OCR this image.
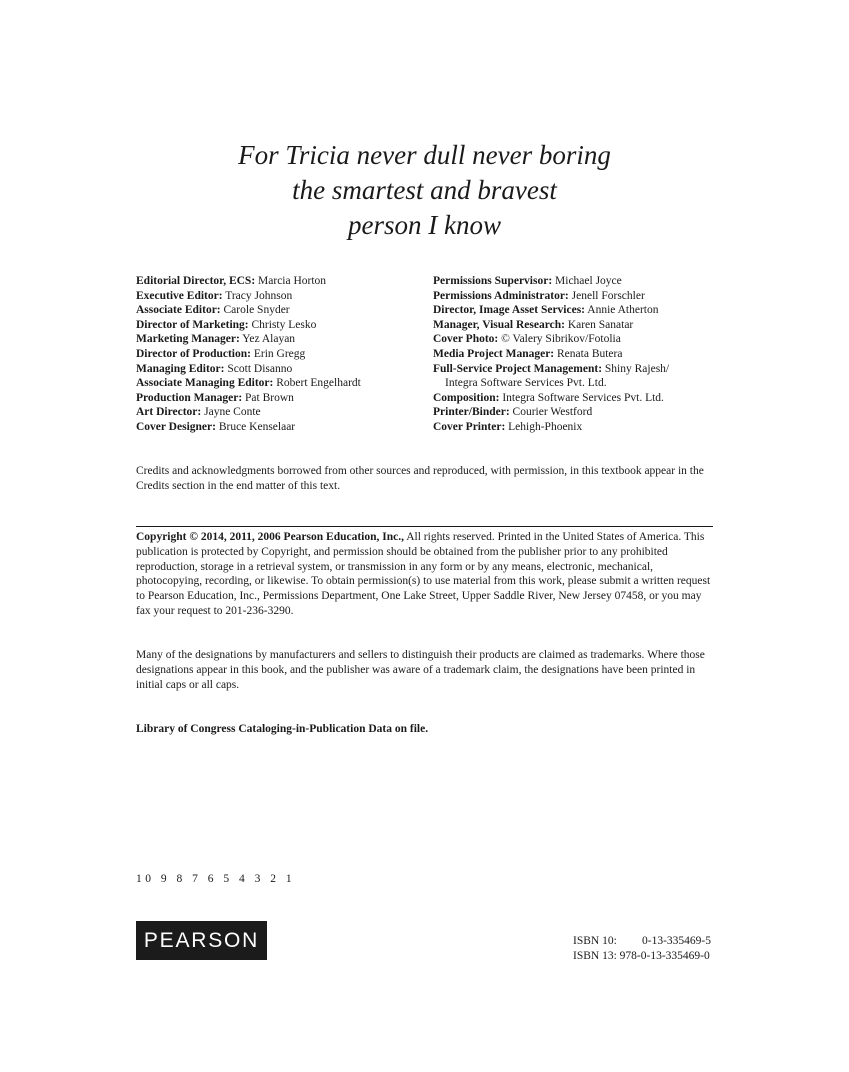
For Tricia never dull never boring
the smartest and bravest
person I know
Editorial Director, ECS: Marcia Horton
Executive Editor: Tracy Johnson
Associate Editor: Carole Snyder
Director of Marketing: Christy Lesko
Marketing Manager: Yez Alayan
Director of Production: Erin Gregg
Managing Editor: Scott Disanno
Associate Managing Editor: Robert Engelhardt
Production Manager: Pat Brown
Art Director: Jayne Conte
Cover Designer: Bruce Kenselaar
Permissions Supervisor: Michael Joyce
Permissions Administrator: Jenell Forschler
Director, Image Asset Services: Annie Atherton
Manager, Visual Research: Karen Sanatar
Cover Photo: © Valery Sibrikov/Fotolia
Media Project Manager: Renata Butera
Full-Service Project Management: Shiny Rajesh/
Integra Software Services Pvt. Ltd.
Composition: Integra Software Services Pvt. Ltd.
Printer/Binder: Courier Westford
Cover Printer: Lehigh-Phoenix
Credits and acknowledgments borrowed from other sources and reproduced, with permission, in this textbook appear in the Credits section in the end matter of this text.
Copyright © 2014, 2011, 2006 Pearson Education, Inc., All rights reserved. Printed in the United States of America. This publication is protected by Copyright, and permission should be obtained from the publisher prior to any prohibited reproduction, storage in a retrieval system, or transmission in any form or by any means, electronic, mechanical, photocopying, recording, or likewise. To obtain permission(s) to use material from this work, please submit a written request to Pearson Education, Inc., Permissions Department, One Lake Street, Upper Saddle River, New Jersey 07458, or you may fax your request to 201-236-3290.
Many of the designations by manufacturers and sellers to distinguish their products are claimed as trademarks. Where those designations appear in this book, and the publisher was aware of a trademark claim, the designations have been printed in initial caps or all caps.
Library of Congress Cataloging-in-Publication Data on file.
10 9 8 7 6 5 4 3 2 1
PEARSON	ISBN 10: 0-13-335469-5
ISBN 13: 978-0-13-335469-0
